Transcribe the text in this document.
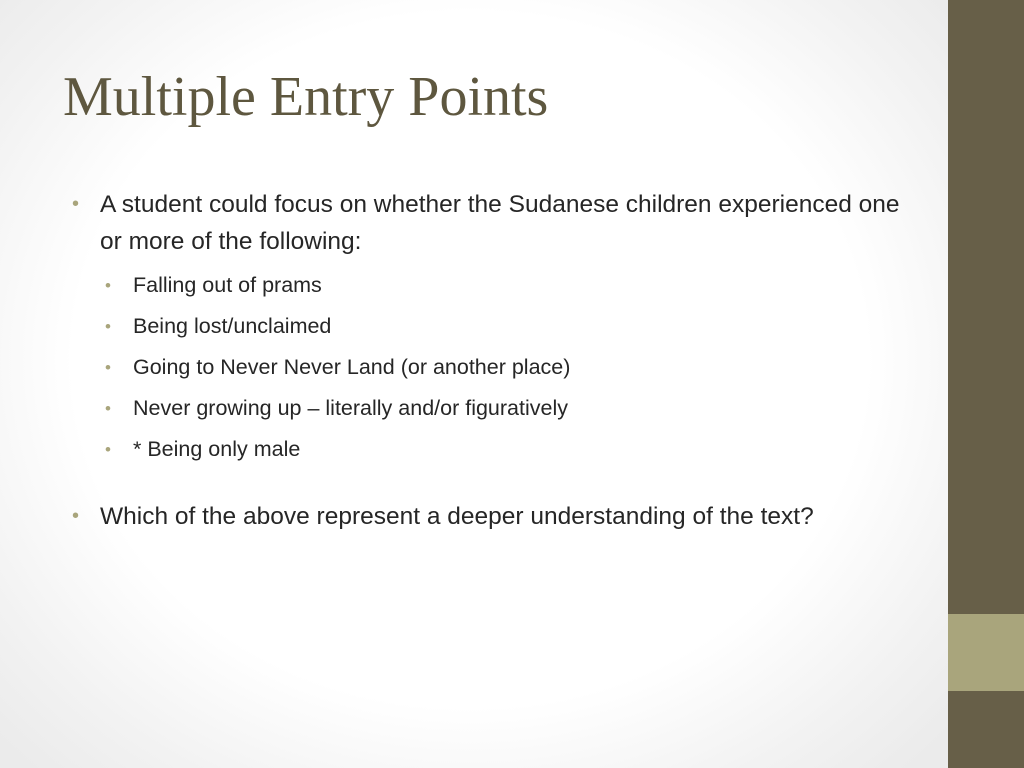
Multiple Entry Points
• A student could focus on whether the Sudanese children experienced one or more of the following:
• Falling out of prams
• Being lost/unclaimed
• Going to Never Never Land (or another place)
• Never growing up – literally and/or figuratively
• * Being only male
• Which of the above represent a deeper understanding of the text?
